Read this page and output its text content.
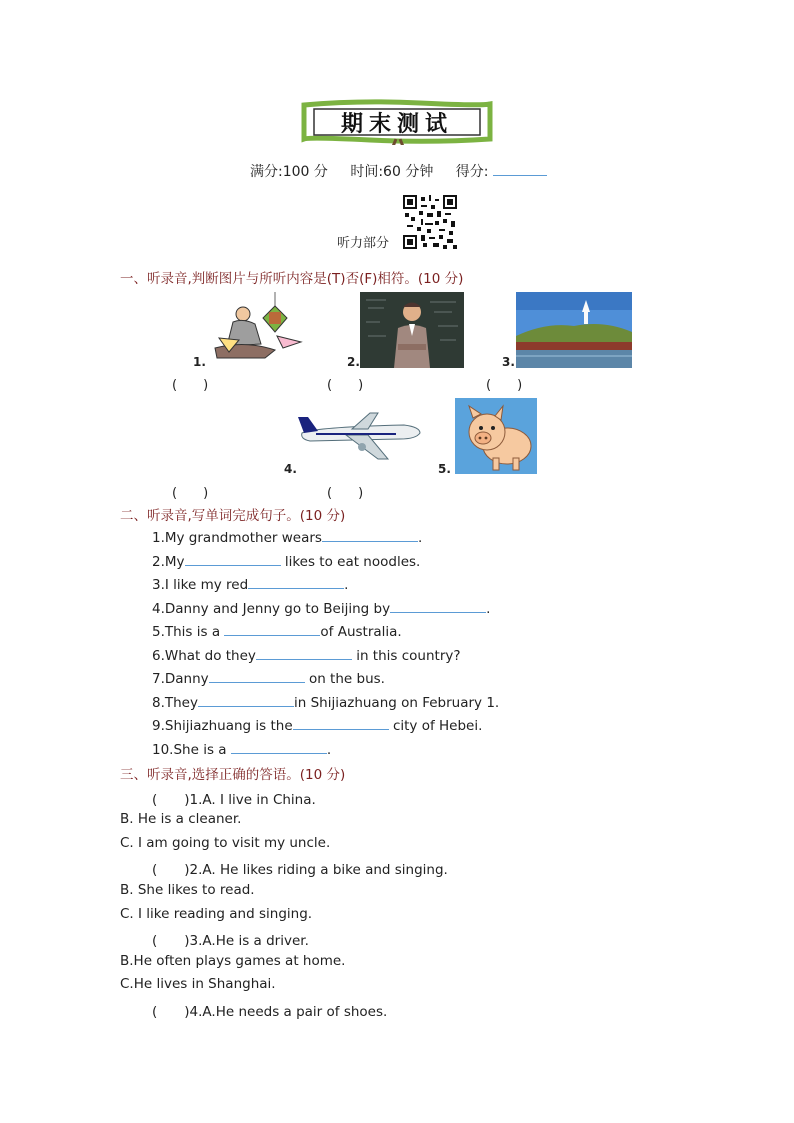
期末测试
满分:100 分 时间:60 分钟 得分:
听力部分
一、听录音,判断图片与所听内容是(T)否(F)相符。(10 分)
1.	2.	3.
(　　)	(　　)	(　　)
4.	5.
(　　)	(　　)
二、听录音,写单词完成句子。(10 分)
1.My grandmother wears	.
2.My	likes to eat noodles.
3.I like my red	.
4.Danny and Jenny go to Beijing by	.
5.This is a	of Australia.
6.What do they	in this country?
7.Danny	on the bus.
8.They	in Shijiazhuang on February 1.
9.Shijiazhuang is the	city of Hebei.
10.She is a	.
三、听录音,选择正确的答语。(10 分)
(　　)1.A. I live in China.
B. He is a cleaner.
C. I am going to visit my uncle.
(　　)2.A. He likes riding a bike and singing.
B. She likes to read.
C. I like reading and singing.
(　　)3.A.He is a driver.
B.He often plays games at home.
C.He lives in Shanghai.
(　　)4.A.He needs a pair of shoes.
